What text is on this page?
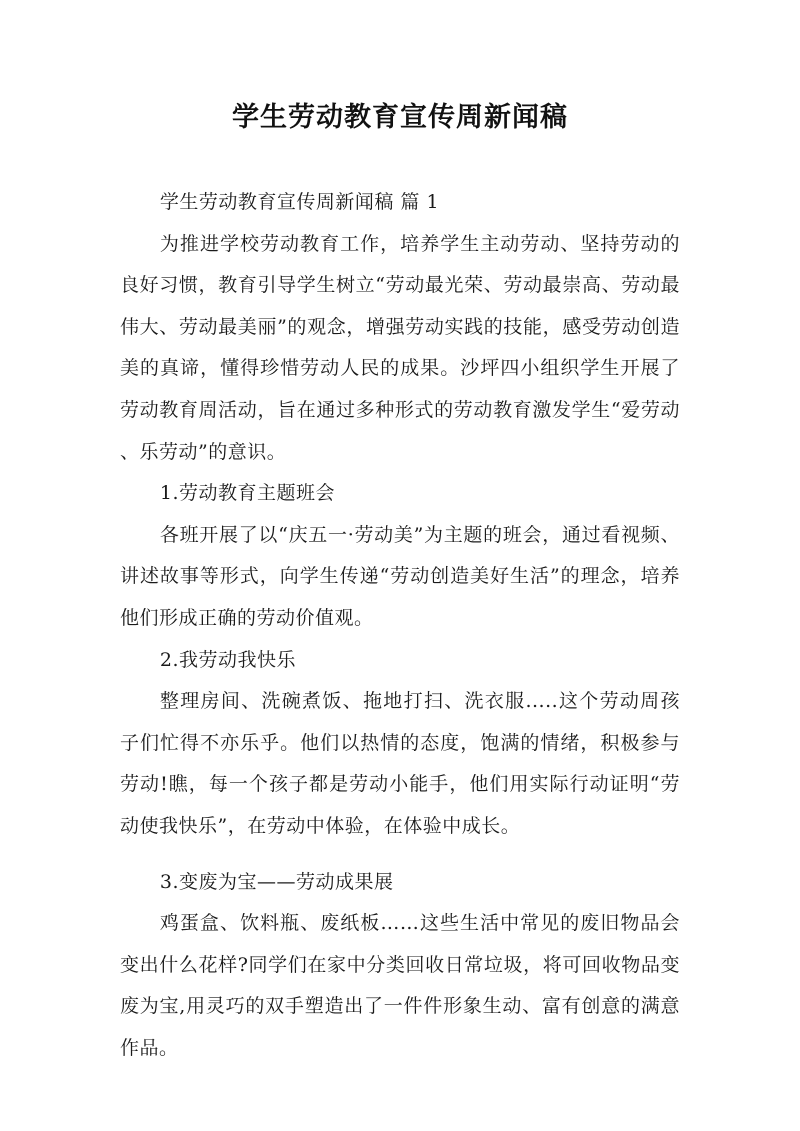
学生劳动教育宣传周新闻稿

学生劳动教育宣传周新闻稿 篇 1

为推进学校劳动教育工作，培养学生主动劳动、坚持劳动的良好习惯，教育引导学生树立“劳动最光荣、劳动最崇高、劳动最伟大、劳动最美丽”的观念，增强劳动实践的技能，感受劳动创造美的真谛，懂得珍惜劳动人民的成果。沙坪四小组织学生开展了劳动教育周活动，旨在通过多种形式的劳动教育激发学生“爱劳动、乐劳动”的意识。

1.劳动教育主题班会

各班开展了以“庆五一·劳动美”为主题的班会，通过看视频、讲述故事等形式，向学生传递“劳动创造美好生活”的理念，培养他们形成正确的劳动价值观。

2.我劳动我快乐

整理房间、洗碗煮饭、拖地打扫、洗衣服.....这个劳动周孩子们忙得不亦乐乎。他们以热情的态度，饱满的情绪，积极参与劳动!瞧，每一个孩子都是劳动小能手，他们用实际行动证明“劳动使我快乐”，在劳动中体验，在体验中成长。

3.变废为宝——劳动成果展

鸡蛋盒、饮料瓶、废纸板……这些生活中常见的废旧物品会变出什么花样?同学们在家中分类回收日常垃圾，将可回收物品变废为宝,用灵巧的双手塑造出了一件件形象生动、富有创意的满意作品。
